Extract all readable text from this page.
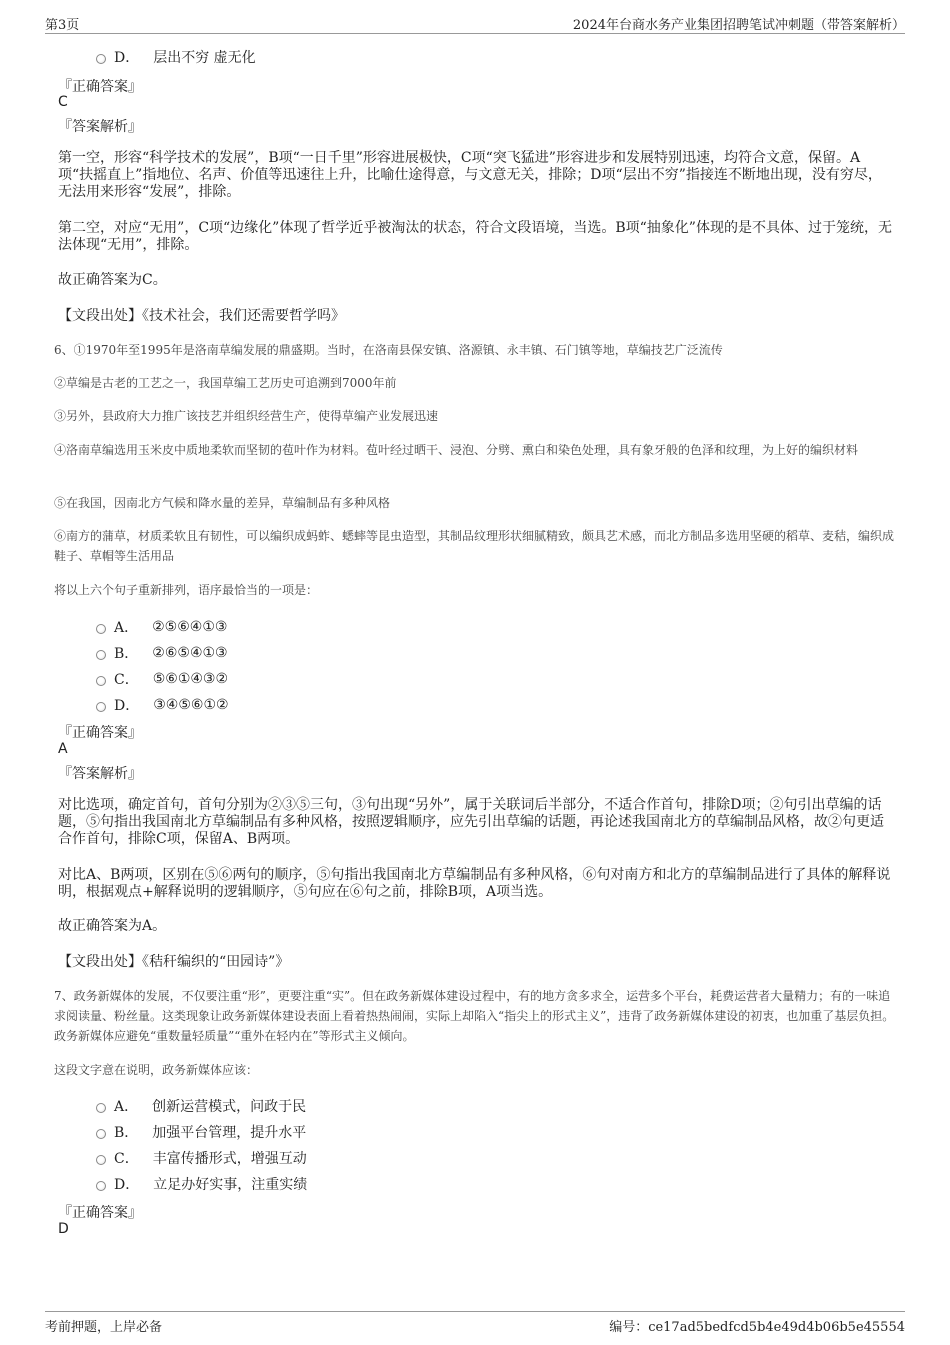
第3页	2024年台商水务产业集团招聘笔试冲刺题（带答案解析）
D． 层出不穷 虚无化
『正确答案』
C
『答案解析』
第一空，形容“科学技术的发展”，B项“一日千里”形容进展极快，C项“突飞猛进”形容进步和发展特别迅速，均符合文意，保留。A项“扶摇直上”指地位、名声、价值等迅速往上升，比喻仕途得意，与文意无关，排除；D项“层出不穷”指接连不断地出现，没有穷尽，无法用来形容“发展”，排除。
第二空，对应“无用”，C项“边缘化”体现了哲学近乎被淘汰的状态，符合文段语境，当选。B项“抽象化”体现的是不具体、过于笼统，无法体现“无用”，排除。
故正确答案为C。
【文段出处】《技术社会，我们还需要哲学吗》
6、①1970年至1995年是洛南草编发展的鼎盛期。当时，在洛南县保安镇、洛源镇、永丰镇、石门镇等地，草编技艺广泛流传
②草编是古老的工艺之一，我国草编工艺历史可追溯到7000年前
③另外，县政府大力推广该技艺并组织经营生产，使得草编产业发展迅速
④洛南草编选用玉米皮中质地柔软而坚韧的苞叶作为材料。苞叶经过晒干、浸泡、分劈、熏白和染色处理，具有象牙般的色泽和纹理，为上好的编织材料
⑤在我国，因南北方气候和降水量的差异，草编制品有多种风格
⑥南方的蒲草，材质柔软且有韧性，可以编织成蚂蚱、蟋蟀等昆虫造型，其制品纹理形状细腻精致，颇具艺术感，而北方制品多选用坚硬的稻草、麦秸，编织成鞋子、草帽等生活用品
将以上六个句子重新排列，语序最恰当的一项是：
A． ②⑤⑥④①③
B． ②⑥⑤④①③
C． ⑤⑥①④③②
D． ③④⑤⑥①②
『正确答案』
A
『答案解析』
对比选项，确定首句，首句分别为②③⑤三句，③句出现“另外”，属于关联词后半部分，不适合作首句，排除D项；②句引出草编的话题，⑤句指出我国南北方草编制品有多种风格，按照逻辑顺序，应先引出草编的话题，再论述我国南北方的草编制品风格，故②句更适合作首句，排除C项，保留A、B两项。
对比A、B两项，区别在⑤⑥两句的顺序，⑤句指出我国南北方草编制品有多种风格，⑥句对南方和北方的草编制品进行了具体的解释说明，根据观点+解释说明的逻辑顺序，⑤句应在⑥句之前，排除B项，A项当选。
故正确答案为A。
【文段出处】《秸秆编织的“田园诗”》
7、政务新媒体的发展，不仅要注重“形”，更要注重“实”。但在政务新媒体建设过程中，有的地方贪多求全，运营多个平台，耗费运营者大量精力；有的一味追求阅读量、粉丝量。这类现象让政务新媒体建设表面上看着热热闹闹，实际上却陷入“指尖上的形式主义”，违背了政务新媒体建设的初衷，也加重了基层负担。政务新媒体应避免“重数量轻质量”“重外在轻内在”等形式主义倾向。
这段文字意在说明，政务新媒体应该：
A． 创新运营模式，问政于民
B． 加强平台管理，提升水平
C． 丰富传播形式，增强互动
D． 立足办好实事，注重实绩
『正确答案』
D
考前押题，上岸必备	编号：ce17ad5bedfcd5b4e49d4b06b5e45554
